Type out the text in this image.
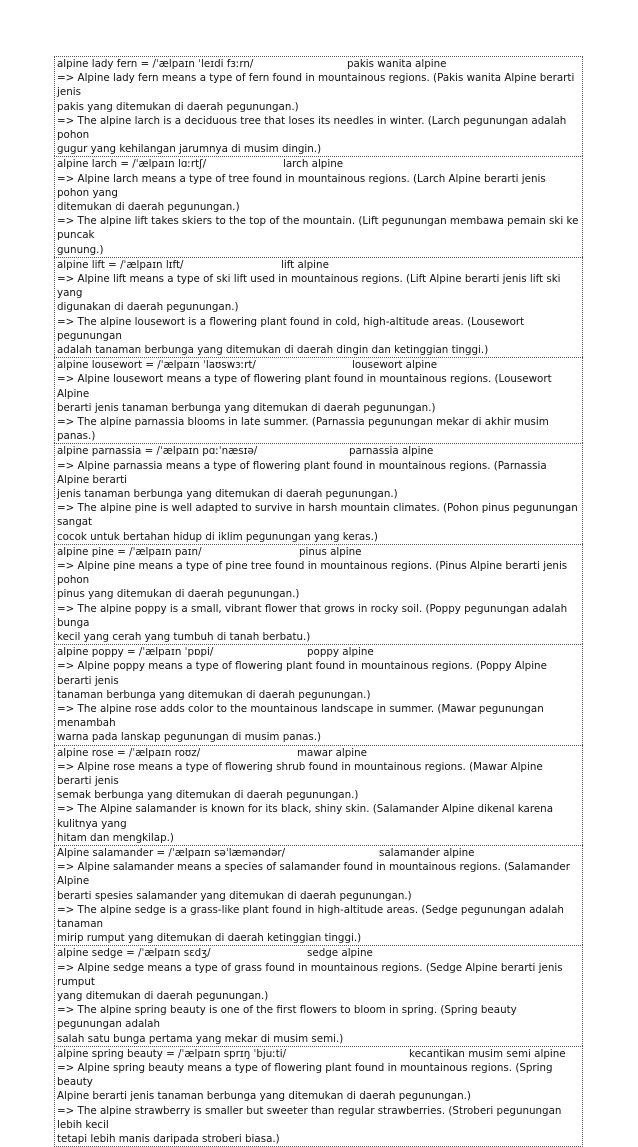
alpine lady fern = /ˈælpaɪn ˈleɪdi fɜːrn/	pakis wanita alpine

=> Alpine lady fern means a type of fern found in mountainous regions. (Pakis wanita Alpine berarti jenis

pakis yang ditemukan di daerah pegunungan.)

=> The alpine larch is a deciduous tree that loses its needles in winter. (Larch pegunungan adalah pohon

gugur yang kehilangan jarumnya di musim dingin.)

alpine larch = /ˈælpaɪn lɑːrtʃ/	larch alpine

=> Alpine larch means a type of tree found in mountainous regions. (Larch Alpine berarti jenis pohon yang

ditemukan di daerah pegunungan.)

=> The alpine lift takes skiers to the top of the mountain. (Lift pegunungan membawa pemain ski ke puncak

gunung.)

alpine lift = /ˈælpaɪn lɪft/	lift alpine

=> Alpine lift means a type of ski lift used in mountainous regions. (Lift Alpine berarti jenis lift ski yang

digunakan di daerah pegunungan.)

=> The alpine lousewort is a flowering plant found in cold, high-altitude areas. (Lousewort pegunungan

adalah tanaman berbunga yang ditemukan di daerah dingin dan ketinggian tinggi.)

alpine lousewort = /ˈælpaɪn ˈlaʊswɜːrt/	lousewort alpine

=> Alpine lousewort means a type of flowering plant found in mountainous regions. (Lousewort Alpine

berarti jenis tanaman berbunga yang ditemukan di daerah pegunungan.)

=> The alpine parnassia blooms in late summer. (Parnassia pegunungan mekar di akhir musim panas.)

alpine parnassia = /ˈælpaɪn pɑːˈnæsɪə/	parnassia alpine

=> Alpine parnassia means a type of flowering plant found in mountainous regions. (Parnassia Alpine berarti

jenis tanaman berbunga yang ditemukan di daerah pegunungan.)

=> The alpine pine is well adapted to survive in harsh mountain climates. (Pohon pinus pegunungan sangat

cocok untuk bertahan hidup di iklim pegunungan yang keras.)

alpine pine = /ˈælpaɪn paɪn/	pinus alpine

=> Alpine pine means a type of pine tree found in mountainous regions. (Pinus Alpine berarti jenis pohon

pinus yang ditemukan di daerah pegunungan.)

=> The alpine poppy is a small, vibrant flower that grows in rocky soil. (Poppy pegunungan adalah bunga

kecil yang cerah yang tumbuh di tanah berbatu.)

alpine poppy = /ˈælpaɪn ˈpɒpi/	poppy alpine

=> Alpine poppy means a type of flowering plant found in mountainous regions. (Poppy Alpine berarti jenis

tanaman berbunga yang ditemukan di daerah pegunungan.)

=> The alpine rose adds color to the mountainous landscape in summer. (Mawar pegunungan menambah

warna pada lanskap pegunungan di musim panas.)

alpine rose = /ˈælpaɪn roʊz/	mawar alpine

=> Alpine rose means a type of flowering shrub found in mountainous regions. (Mawar Alpine berarti jenis

semak berbunga yang ditemukan di daerah pegunungan.)

=> The Alpine salamander is known for its black, shiny skin. (Salamander Alpine dikenal karena kulitnya yang

hitam dan mengkilap.)

Alpine salamander = /ˈælpaɪn səˈlæməndər/	salamander alpine

=> Alpine salamander means a species of salamander found in mountainous regions. (Salamander Alpine

berarti spesies salamander yang ditemukan di daerah pegunungan.)

=> The alpine sedge is a grass-like plant found in high-altitude areas. (Sedge pegunungan adalah tanaman

mirip rumput yang ditemukan di daerah ketinggian tinggi.)

alpine sedge = /ˈælpaɪn sɛdʒ/	sedge alpine

=> Alpine sedge means a type of grass found in mountainous regions. (Sedge Alpine berarti jenis rumput

yang ditemukan di daerah pegunungan.)

=> The alpine spring beauty is one of the first flowers to bloom in spring. (Spring beauty pegunungan adalah

salah satu bunga pertama yang mekar di musim semi.)

alpine spring beauty = /ˈælpaɪn sprɪŋ ˈbjuːti/	kecantikan musim semi alpine

=> Alpine spring beauty means a type of flowering plant found in mountainous regions. (Spring beauty

Alpine berarti jenis tanaman berbunga yang ditemukan di daerah pegunungan.)

=> The alpine strawberry is smaller but sweeter than regular strawberries. (Stroberi pegunungan lebih kecil

tetapi lebih manis daripada stroberi biasa.)
